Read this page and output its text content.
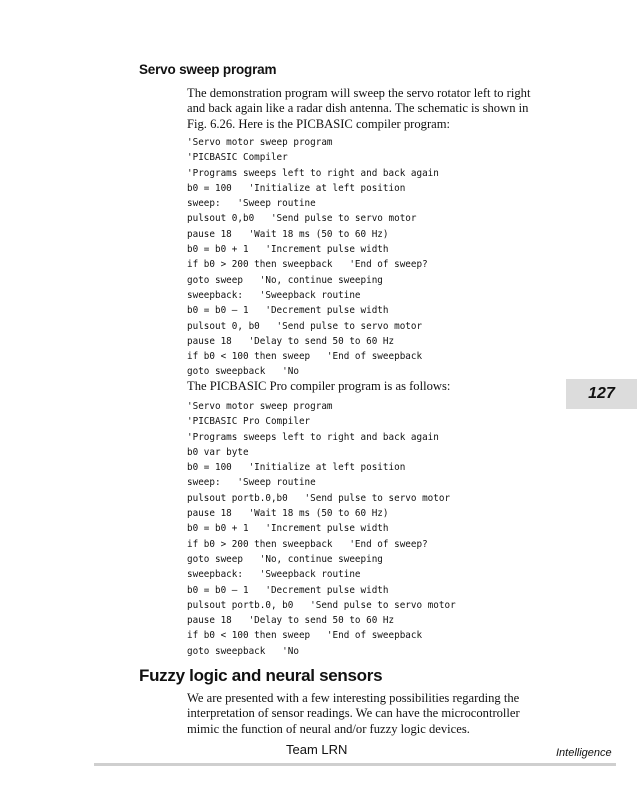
Servo sweep program

The demonstration program will sweep the servo rotator left to right and back again like a radar dish antenna. The schematic is shown in Fig. 6.26. Here is the PICBASIC compiler program:

'Servo motor sweep program
'PICBASIC Compiler
'Programs sweeps left to right and back again
b0 = 100   'Initialize at left position
sweep:   'Sweep routine
pulsout 0,b0   'Send pulse to servo motor
pause 18   'Wait 18 ms (50 to 60 Hz)
b0 = b0 + 1   'Increment pulse width
if b0 > 200 then sweepback   'End of sweep?
goto sweep   'No, continue sweeping
sweepback:   'Sweepback routine
b0 = b0 — 1   'Decrement pulse width
pulsout 0, b0   'Send pulse to servo motor
pause 18   'Delay to send 50 to 60 Hz
if b0 < 100 then sweep   'End of sweepback
goto sweepback   'No

The PICBASIC Pro compiler program is as follows:

'Servo motor sweep program
'PICBASIC Pro Compiler
'Programs sweeps left to right and back again
b0 var byte
b0 = 100   'Initialize at left position
sweep:   'Sweep routine
pulsout portb.0,b0   'Send pulse to servo motor
pause 18   'Wait 18 ms (50 to 60 Hz)
b0 = b0 + 1   'Increment pulse width
if b0 > 200 then sweepback   'End of sweep?
goto sweep   'No, continue sweeping
sweepback:   'Sweepback routine
b0 = b0 — 1   'Decrement pulse width
pulsout portb.0, b0   'Send pulse to servo motor
pause 18   'Delay to send 50 to 60 Hz
if b0 < 100 then sweep   'End of sweepback
goto sweepback   'No
Fuzzy logic and neural sensors

We are presented with a few interesting possibilities regarding the interpretation of sensor readings. We can have the microcontroller mimic the function of neural and/or fuzzy logic devices.

127
Team LRN	Intelligence
